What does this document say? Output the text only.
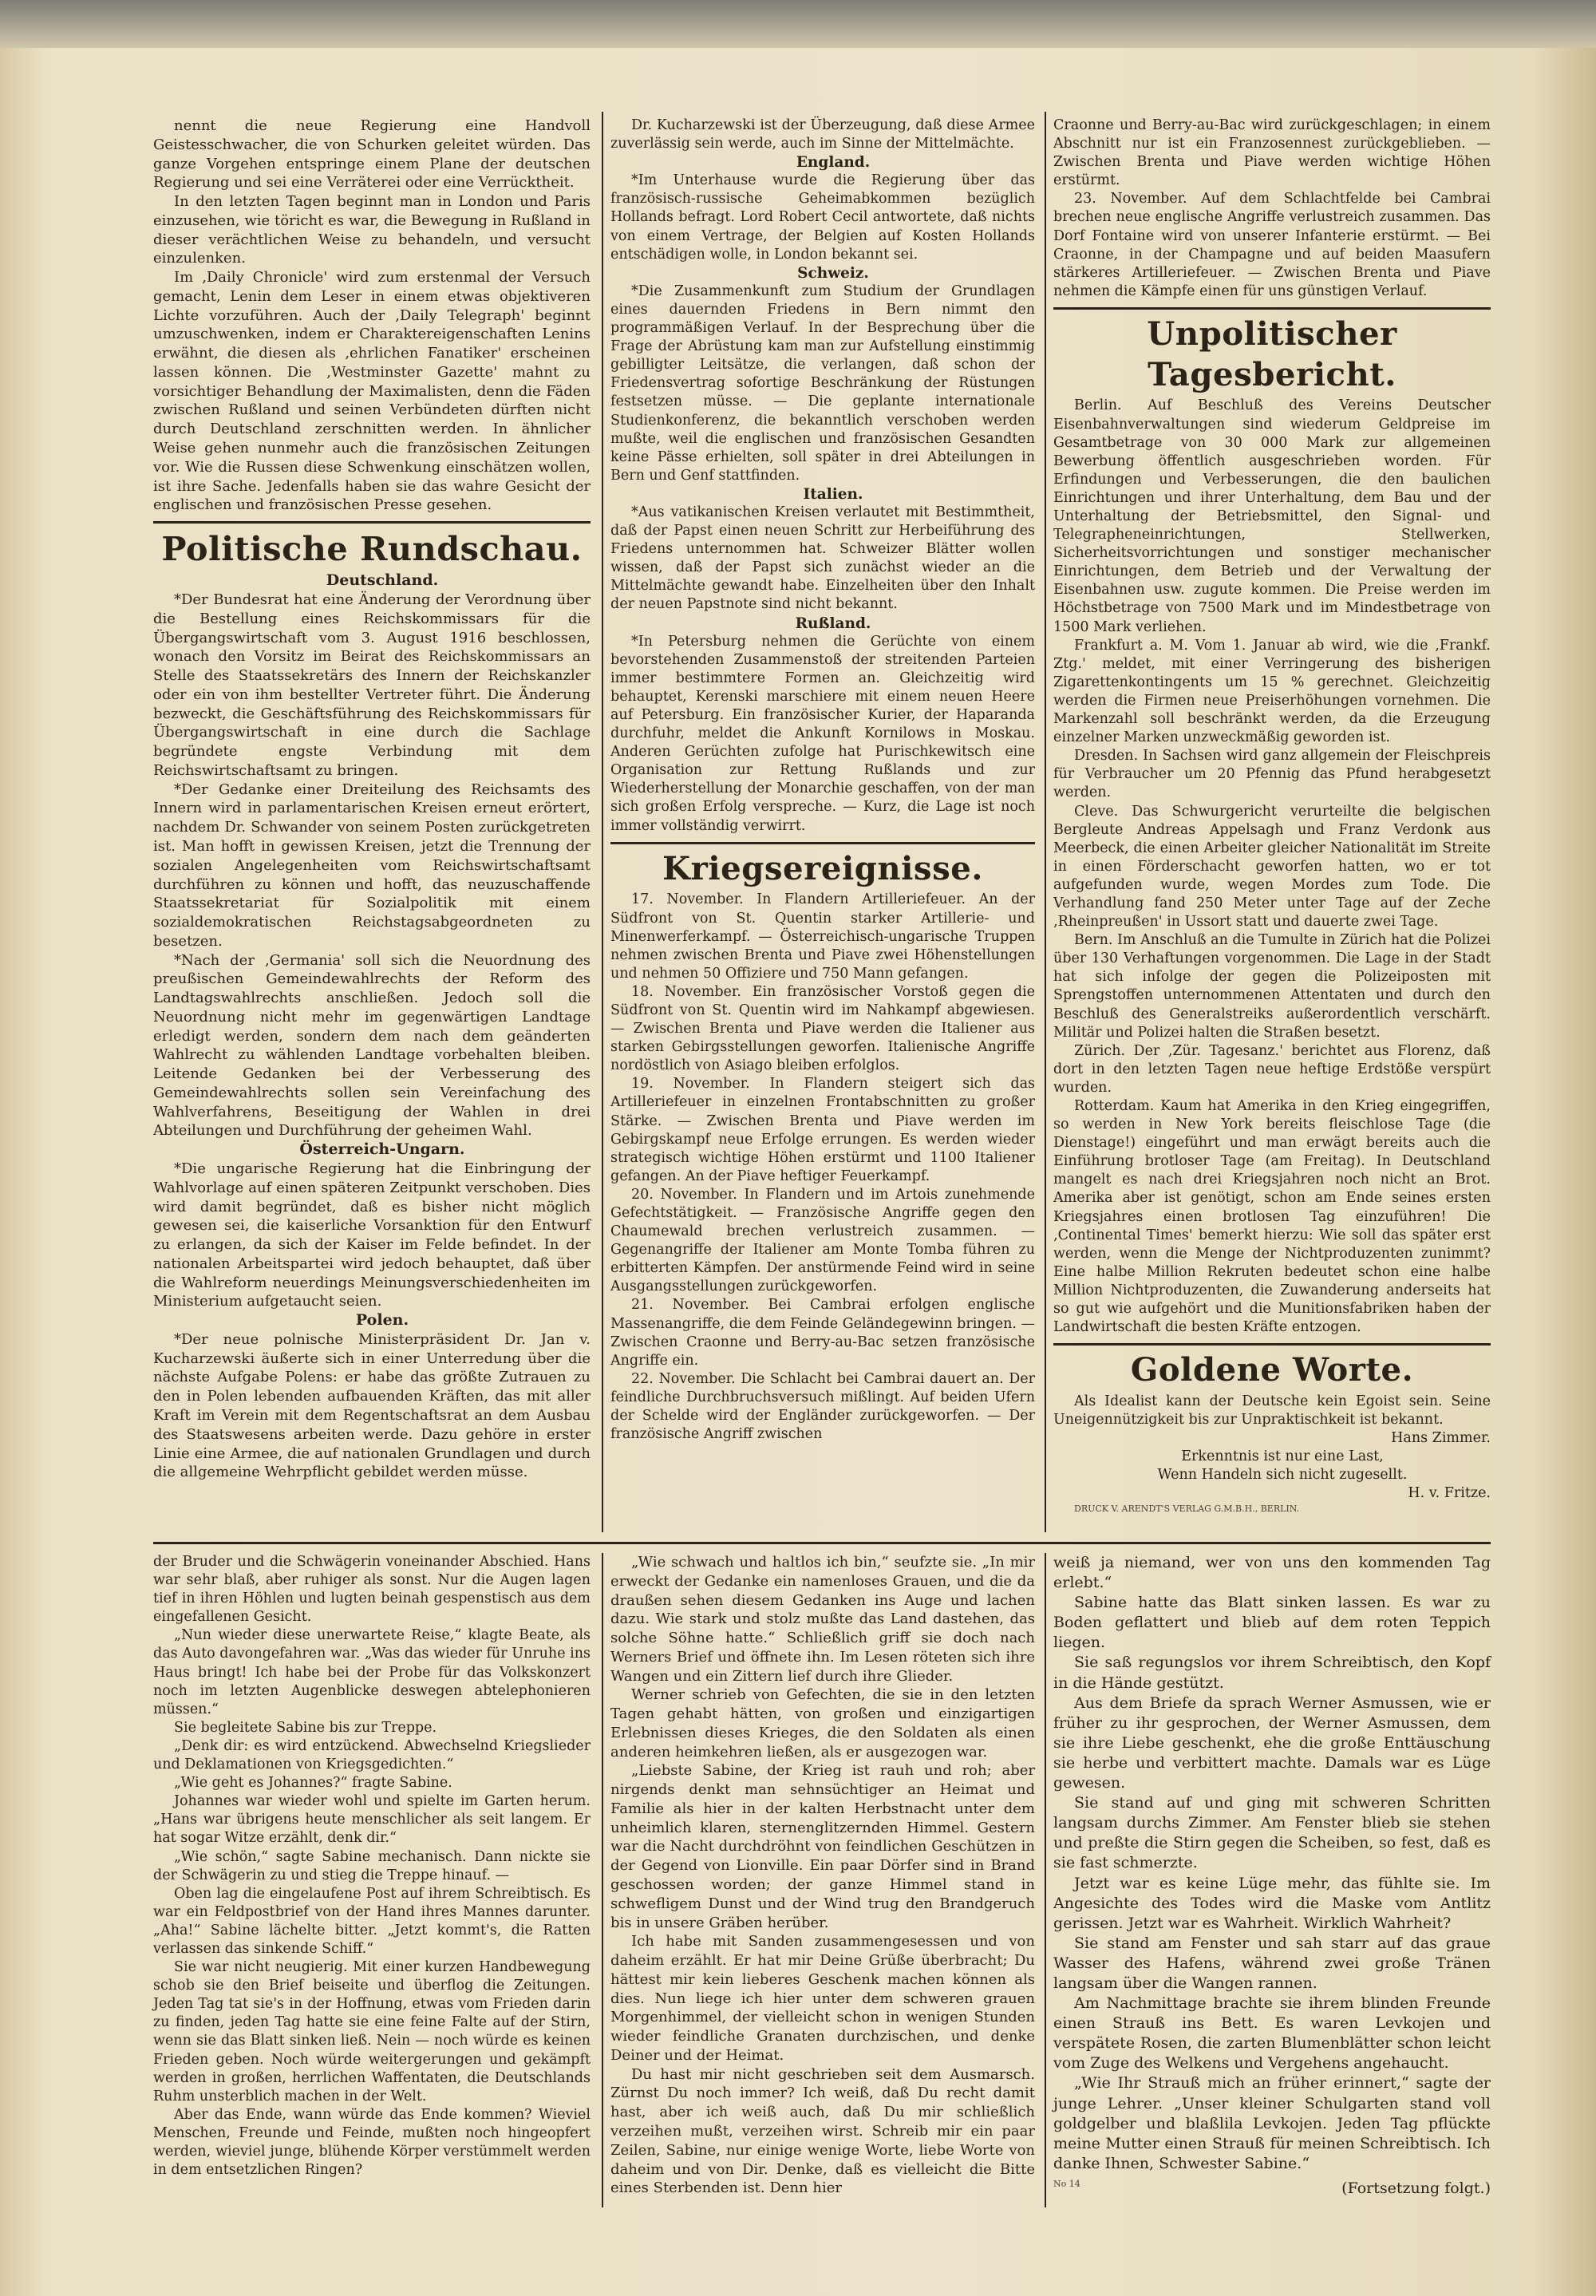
nennt die neue Regierung eine Handvoll Geistesschwacher, die von Schurken geleitet würden. Das ganze Vorgehen entspringe einem Plane der deutschen Regierung und sei eine Verräterei oder eine Verrücktheit.

In den letzten Tagen beginnt man in London und Paris einzusehen, wie töricht es war, die Bewegung in Rußland in dieser verächtlichen Weise zu behandeln, und versucht einzulenken.

Im ‚Daily Chronicle' wird zum erstenmal der Versuch gemacht, Lenin dem Leser in einem etwas objektiveren Lichte vorzuführen. Auch der ‚Daily Telegraph' beginnt umzuschwenken, indem er Charaktereigenschaften Lenins erwähnt, die diesen als ‚ehrlichen Fanatiker' erscheinen lassen können. Die ‚Westminster Gazette' mahnt zu vorsichtiger Behandlung der Maximalisten, denn die Fäden zwischen Rußland und seinen Verbündeten dürften nicht durch Deutschland zerschnitten werden. In ähnlicher Weise gehen nunmehr auch die französischen Zeitungen vor. Wie die Russen diese Schwenkung einschätzen wollen, ist ihre Sache. Jedenfalls haben sie das wahre Gesicht der englischen und französischen Presse gesehen.

Politische Rundschau.

Deutschland.

*Der Bundesrat hat eine Änderung der Verordnung über die Bestellung eines Reichskommissars für die Übergangswirtschaft vom 3. August 1916 beschlossen, wonach den Vorsitz im Beirat des Reichskommissars an Stelle des Staatssekretärs des Innern der Reichskanzler oder ein von ihm bestellter Vertreter führt. Die Änderung bezweckt, die Geschäftsführung des Reichskommissars für Übergangswirtschaft in eine durch die Sachlage begründete engste Verbindung mit dem Reichswirtschaftsamt zu bringen.

*Der Gedanke einer Dreiteilung des Reichsamts des Innern wird in parlamentarischen Kreisen erneut erörtert, nachdem Dr. Schwander von seinem Posten zurückgetreten ist. Man hofft in gewissen Kreisen, jetzt die Trennung der sozialen Angelegenheiten vom Reichswirtschaftsamt durchführen zu können und hofft, das neuzuschaffende Staatssekretariat für Sozialpolitik mit einem sozialdemokratischen Reichstagsabgeordneten zu besetzen.

*Nach der ‚Germania' soll sich die Neuordnung des preußischen Gemeindewahlrechts der Reform des Landtagswahlrechts anschließen. Jedoch soll die Neuordnung nicht mehr im gegenwärtigen Landtage erledigt werden, sondern dem nach dem geänderten Wahlrecht zu wählenden Landtage vorbehalten bleiben. Leitende Gedanken bei der Verbesserung des Gemeindewahlrechts sollen sein Vereinfachung des Wahlverfahrens, Beseitigung der Wahlen in drei Abteilungen und Durchführung der geheimen Wahl.

Österreich-Ungarn.

*Die ungarische Regierung hat die Einbringung der Wahlvorlage auf einen späteren Zeitpunkt verschoben. Dies wird damit begründet, daß es bisher nicht möglich gewesen sei, die kaiserliche Vorsanktion für den Entwurf zu erlangen, da sich der Kaiser im Felde befindet. In der nationalen Arbeitspartei wird jedoch behauptet, daß über die Wahlreform neuerdings Meinungsverschiedenheiten im Ministerium aufgetaucht seien.

Polen.

*Der neue polnische Ministerpräsident Dr. Jan v. Kucharzewski äußerte sich in einer Unterredung über die nächste Aufgabe Polens: er habe das größte Zutrauen zu den in Polen lebenden aufbauenden Kräften, das mit aller Kraft im Verein mit dem Regentschaftsrat an dem Ausbau des Staatswesens arbeiten werde. Dazu gehöre in erster Linie eine Armee, die auf nationalen Grundlagen und durch die allgemeine Wehrpflicht gebildet werden müsse.

Dr. Kucharzewski ist der Überzeugung, daß diese Armee zuverlässig sein werde, auch im Sinne der Mittelmächte.

England.

*Im Unterhause wurde die Regierung über das französisch-russische Geheimabkommen bezüglich Hollands befragt. Lord Robert Cecil antwortete, daß nichts von einem Vertrage, der Belgien auf Kosten Hollands entschädigen wolle, in London bekannt sei.

Schweiz.

*Die Zusammenkunft zum Studium der Grundlagen eines dauernden Friedens in Bern nimmt den programmäßigen Verlauf. In der Besprechung über die Frage der Abrüstung kam man zur Aufstellung einstimmig gebilligter Leitsätze, die verlangen, daß schon der Friedensvertrag sofortige Beschränkung der Rüstungen festsetzen müsse. — Die geplante internationale Studienkonferenz, die bekanntlich verschoben werden mußte, weil die englischen und französischen Gesandten keine Pässe erhielten, soll später in drei Abteilungen in Bern und Genf stattfinden.

Italien.

*Aus vatikanischen Kreisen verlautet mit Bestimmtheit, daß der Papst einen neuen Schritt zur Herbeiführung des Friedens unternommen hat. Schweizer Blätter wollen wissen, daß der Papst sich zunächst wieder an die Mittelmächte gewandt habe. Einzelheiten über den Inhalt der neuen Papstnote sind nicht bekannt.

Rußland.

*In Petersburg nehmen die Gerüchte von einem bevorstehenden Zusammenstoß der streitenden Parteien immer bestimmtere Formen an. Gleichzeitig wird behauptet, Kerenski marschiere mit einem neuen Heere auf Petersburg. Ein französischer Kurier, der Haparanda durchfuhr, meldet die Ankunft Kornilows in Moskau. Anderen Gerüchten zufolge hat Purischkewitsch eine Organisation zur Rettung Rußlands und zur Wiederherstellung der Monarchie geschaffen, von der man sich großen Erfolg verspreche. — Kurz, die Lage ist noch immer vollständig verwirrt.

Kriegsereignisse.

17. November. In Flandern Artilleriefeuer. An der Südfront von St. Quentin starker Artillerie- und Minenwerferkampf. — Österreichisch-ungarische Truppen nehmen zwischen Brenta und Piave zwei Höhenstellungen und nehmen 50 Offiziere und 750 Mann gefangen.

18. November. Ein französischer Vorstoß gegen die Südfront von St. Quentin wird im Nahkampf abgewiesen. — Zwischen Brenta und Piave werden die Italiener aus starken Gebirgsstellungen geworfen. Italienische Angriffe nordöstlich von Asiago bleiben erfolglos.

19. November. In Flandern steigert sich das Artilleriefeuer in einzelnen Frontabschnitten zu großer Stärke. — Zwischen Brenta und Piave werden im Gebirgskampf neue Erfolge errungen. Es werden wieder strategisch wichtige Höhen erstürmt und 1100 Italiener gefangen. An der Piave heftiger Feuerkampf.

20. November. In Flandern und im Artois zunehmende Gefechtstätigkeit. — Französische Angriffe gegen den Chaumewald brechen verlustreich zusammen. — Gegenangriffe der Italiener am Monte Tomba führen zu erbitterten Kämpfen. Der anstürmende Feind wird in seine Ausgangsstellungen zurückgeworfen.

21. November. Bei Cambrai erfolgen englische Massenangriffe, die dem Feinde Geländegewinn bringen. — Zwischen Craonne und Berry-au-Bac setzen französische Angriffe ein.

22. November. Die Schlacht bei Cambrai dauert an. Der feindliche Durchbruchsversuch mißlingt. Auf beiden Ufern der Schelde wird der Engländer zurückgeworfen. — Der französische Angriff zwischen

Craonne und Berry-au-Bac wird zurückgeschlagen; in einem Abschnitt nur ist ein Franzosennest zurückgeblieben. — Zwischen Brenta und Piave werden wichtige Höhen erstürmt.

23. November. Auf dem Schlachtfelde bei Cambrai brechen neue englische Angriffe verlustreich zusammen. Das Dorf Fontaine wird von unserer Infanterie erstürmt. — Bei Craonne, in der Champagne und auf beiden Maasufern stärkeres Artilleriefeuer. — Zwischen Brenta und Piave nehmen die Kämpfe einen für uns günstigen Verlauf.

Unpolitischer Tagesbericht.

Berlin. Auf Beschluß des Vereins Deutscher Eisenbahnverwaltungen sind wiederum Geldpreise im Gesamtbetrage von 30 000 Mark zur allgemeinen Bewerbung öffentlich ausgeschrieben worden. Für Erfindungen und Verbesserungen, die den baulichen Einrichtungen und ihrer Unterhaltung, dem Bau und der Unterhaltung der Betriebsmittel, den Signal- und Telegrapheneinrichtungen, Stellwerken, Sicherheitsvorrichtungen und sonstiger mechanischer Einrichtungen, dem Betrieb und der Verwaltung der Eisenbahnen usw. zugute kommen. Die Preise werden im Höchstbetrage von 7500 Mark und im Mindestbetrage von 1500 Mark verliehen.

Frankfurt a. M. Vom 1. Januar ab wird, wie die ‚Frankf. Ztg.' meldet, mit einer Verringerung des bisherigen Zigarettenkontingents um 15 % gerechnet. Gleichzeitig werden die Firmen neue Preiserhöhungen vornehmen. Die Markenzahl soll beschränkt werden, da die Erzeugung einzelner Marken unzweckmäßig geworden ist.

Dresden. In Sachsen wird ganz allgemein der Fleischpreis für Verbraucher um 20 Pfennig das Pfund herabgesetzt werden.

Cleve. Das Schwurgericht verurteilte die belgischen Bergleute Andreas Appelsagh und Franz Verdonk aus Meerbeck, die einen Arbeiter gleicher Nationalität im Streite in einen Förderschacht geworfen hatten, wo er tot aufgefunden wurde, wegen Mordes zum Tode. Die Verhandlung fand 250 Meter unter Tage auf der Zeche ‚Rheinpreußen' in Ussort statt und dauerte zwei Tage.

Bern. Im Anschluß an die Tumulte in Zürich hat die Polizei über 130 Verhaftungen vorgenommen. Die Lage in der Stadt hat sich infolge der gegen die Polizeiposten mit Sprengstoffen unternommenen Attentaten und durch den Beschluß des Generalstreiks außerordentlich verschärft. Militär und Polizei halten die Straßen besetzt.

Zürich. Der ‚Zür. Tagesanz.' berichtet aus Florenz, daß dort in den letzten Tagen neue heftige Erdstöße verspürt wurden.

Rotterdam. Kaum hat Amerika in den Krieg eingegriffen, so werden in New York bereits fleischlose Tage (die Dienstage!) eingeführt und man erwägt bereits auch die Einführung brotloser Tage (am Freitag). In Deutschland mangelt es nach drei Kriegsjahren noch nicht an Brot. Amerika aber ist genötigt, schon am Ende seines ersten Kriegsjahres einen brotlosen Tag einzuführen! Die ‚Continental Times' bemerkt hierzu: Wie soll das später erst werden, wenn die Menge der Nichtproduzenten zunimmt? Eine halbe Million Rekruten bedeutet schon eine halbe Million Nichtproduzenten, die Zuwanderung anderseits hat so gut wie aufgehört und die Munitionsfabriken haben der Landwirtschaft die besten Kräfte entzogen.

Goldene Worte.

Als Idealist kann der Deutsche kein Egoist sein. Seine Uneigennützigkeit bis zur Unpraktischkeit ist bekannt.

Hans Zimmer.

Erkenntnis ist nur eine Last,

Wenn Handeln sich nicht zugesellt.

H. v. Fritze.

DRUCK V. ARENDT'S VERLAG G.M.B.H., BERLIN.

der Bruder und die Schwägerin voneinander Abschied. Hans war sehr blaß, aber ruhiger als sonst. Nur die Augen lagen tief in ihren Höhlen und lugten beinah gespenstisch aus dem eingefallenen Gesicht.

„Nun wieder diese unerwartete Reise,“ klagte Beate, als das Auto davongefahren war. „Was das wieder für Unruhe ins Haus bringt! Ich habe bei der Probe für das Volkskonzert noch im letzten Augenblicke deswegen abtelephonieren müssen.“

Sie begleitete Sabine bis zur Treppe.

„Denk dir: es wird entzückend. Abwechselnd Kriegslieder und Deklamationen von Kriegsgedichten.“

„Wie geht es Johannes?“ fragte Sabine.

Johannes war wieder wohl und spielte im Garten herum. „Hans war übrigens heute menschlicher als seit langem. Er hat sogar Witze erzählt, denk dir.“

„Wie schön,“ sagte Sabine mechanisch. Dann nickte sie der Schwägerin zu und stieg die Treppe hinauf. —

Oben lag die eingelaufene Post auf ihrem Schreibtisch. Es war ein Feldpostbrief von der Hand ihres Mannes darunter. „Aha!“ Sabine lächelte bitter. „Jetzt kommt's, die Ratten verlassen das sinkende Schiff.“

Sie war nicht neugierig. Mit einer kurzen Handbewegung schob sie den Brief beiseite und überflog die Zeitungen. Jeden Tag tat sie's in der Hoffnung, etwas vom Frieden darin zu finden, jeden Tag hatte sie eine feine Falte auf der Stirn, wenn sie das Blatt sinken ließ. Nein — noch würde es keinen Frieden geben. Noch würde weitergerungen und gekämpft werden in großen, herrlichen Waffentaten, die Deutschlands Ruhm unsterblich machen in der Welt.

Aber das Ende, wann würde das Ende kommen? Wieviel Menschen, Freunde und Feinde, mußten noch hingeopfert werden, wieviel junge, blühende Körper verstümmelt werden in dem entsetzlichen Ringen?

„Wie schwach und haltlos ich bin,“ seufzte sie. „In mir erweckt der Gedanke ein namenloses Grauen, und die da draußen sehen diesem Gedanken ins Auge und lachen dazu. Wie stark und stolz mußte das Land dastehen, das solche Söhne hatte.“ Schließlich griff sie doch nach Werners Brief und öffnete ihn. Im Lesen röteten sich ihre Wangen und ein Zittern lief durch ihre Glieder.

Werner schrieb von Gefechten, die sie in den letzten Tagen gehabt hätten, von großen und einzigartigen Erlebnissen dieses Krieges, die den Soldaten als einen anderen heimkehren ließen, als er ausgezogen war.

„Liebste Sabine, der Krieg ist rauh und roh; aber nirgends denkt man sehnsüchtiger an Heimat und Familie als hier in der kalten Herbstnacht unter dem unheimlich klaren, sternenglitzernden Himmel. Gestern war die Nacht durchdröhnt von feindlichen Geschützen in der Gegend von Lionville. Ein paar Dörfer sind in Brand geschossen worden; der ganze Himmel stand in schwefligem Dunst und der Wind trug den Brandgeruch bis in unsere Gräben herüber.

Ich habe mit Sanden zusammengesessen und von daheim erzählt. Er hat mir Deine Grüße überbracht; Du hättest mir kein lieberes Geschenk machen können als dies. Nun liege ich hier unter dem schweren grauen Morgenhimmel, der vielleicht schon in wenigen Stunden wieder feindliche Granaten durchzischen, und denke Deiner und der Heimat.

Du hast mir nicht geschrieben seit dem Ausmarsch. Zürnst Du noch immer? Ich weiß, daß Du recht damit hast, aber ich weiß auch, daß Du mir schließlich verzeihen mußt, verzeihen wirst. Schreib mir ein paar Zeilen, Sabine, nur einige wenige Worte, liebe Worte von daheim und von Dir. Denke, daß es vielleicht die Bitte eines Sterbenden ist. Denn hier

weiß ja niemand, wer von uns den kommenden Tag erlebt.“

Sabine hatte das Blatt sinken lassen. Es war zu Boden geflattert und blieb auf dem roten Teppich liegen.

Sie saß regungslos vor ihrem Schreibtisch, den Kopf in die Hände gestützt.

Aus dem Briefe da sprach Werner Asmussen, wie er früher zu ihr gesprochen, der Werner Asmussen, dem sie ihre Liebe geschenkt, ehe die große Enttäuschung sie herbe und verbittert machte. Damals war es Lüge gewesen.

Sie stand auf und ging mit schweren Schritten langsam durchs Zimmer. Am Fenster blieb sie stehen und preßte die Stirn gegen die Scheiben, so fest, daß es sie fast schmerzte.

Jetzt war es keine Lüge mehr, das fühlte sie. Im Angesichte des Todes wird die Maske vom Antlitz gerissen. Jetzt war es Wahrheit. Wirklich Wahrheit?

Sie stand am Fenster und sah starr auf das graue Wasser des Hafens, während zwei große Tränen langsam über die Wangen rannen.

Am Nachmittage brachte sie ihrem blinden Freunde einen Strauß ins Bett. Es waren Levkojen und verspätete Rosen, die zarten Blumenblätter schon leicht vom Zuge des Welkens und Vergehens angehaucht.

„Wie Ihr Strauß mich an früher erinnert,“ sagte der junge Lehrer. „Unser kleiner Schulgarten stand voll goldgelber und blaßlila Levkojen. Jeden Tag pflückte meine Mutter einen Strauß für meinen Schreibtisch. Ich danke Ihnen, Schwester Sabine.“

No 14	(Fortsetzung folgt.)
